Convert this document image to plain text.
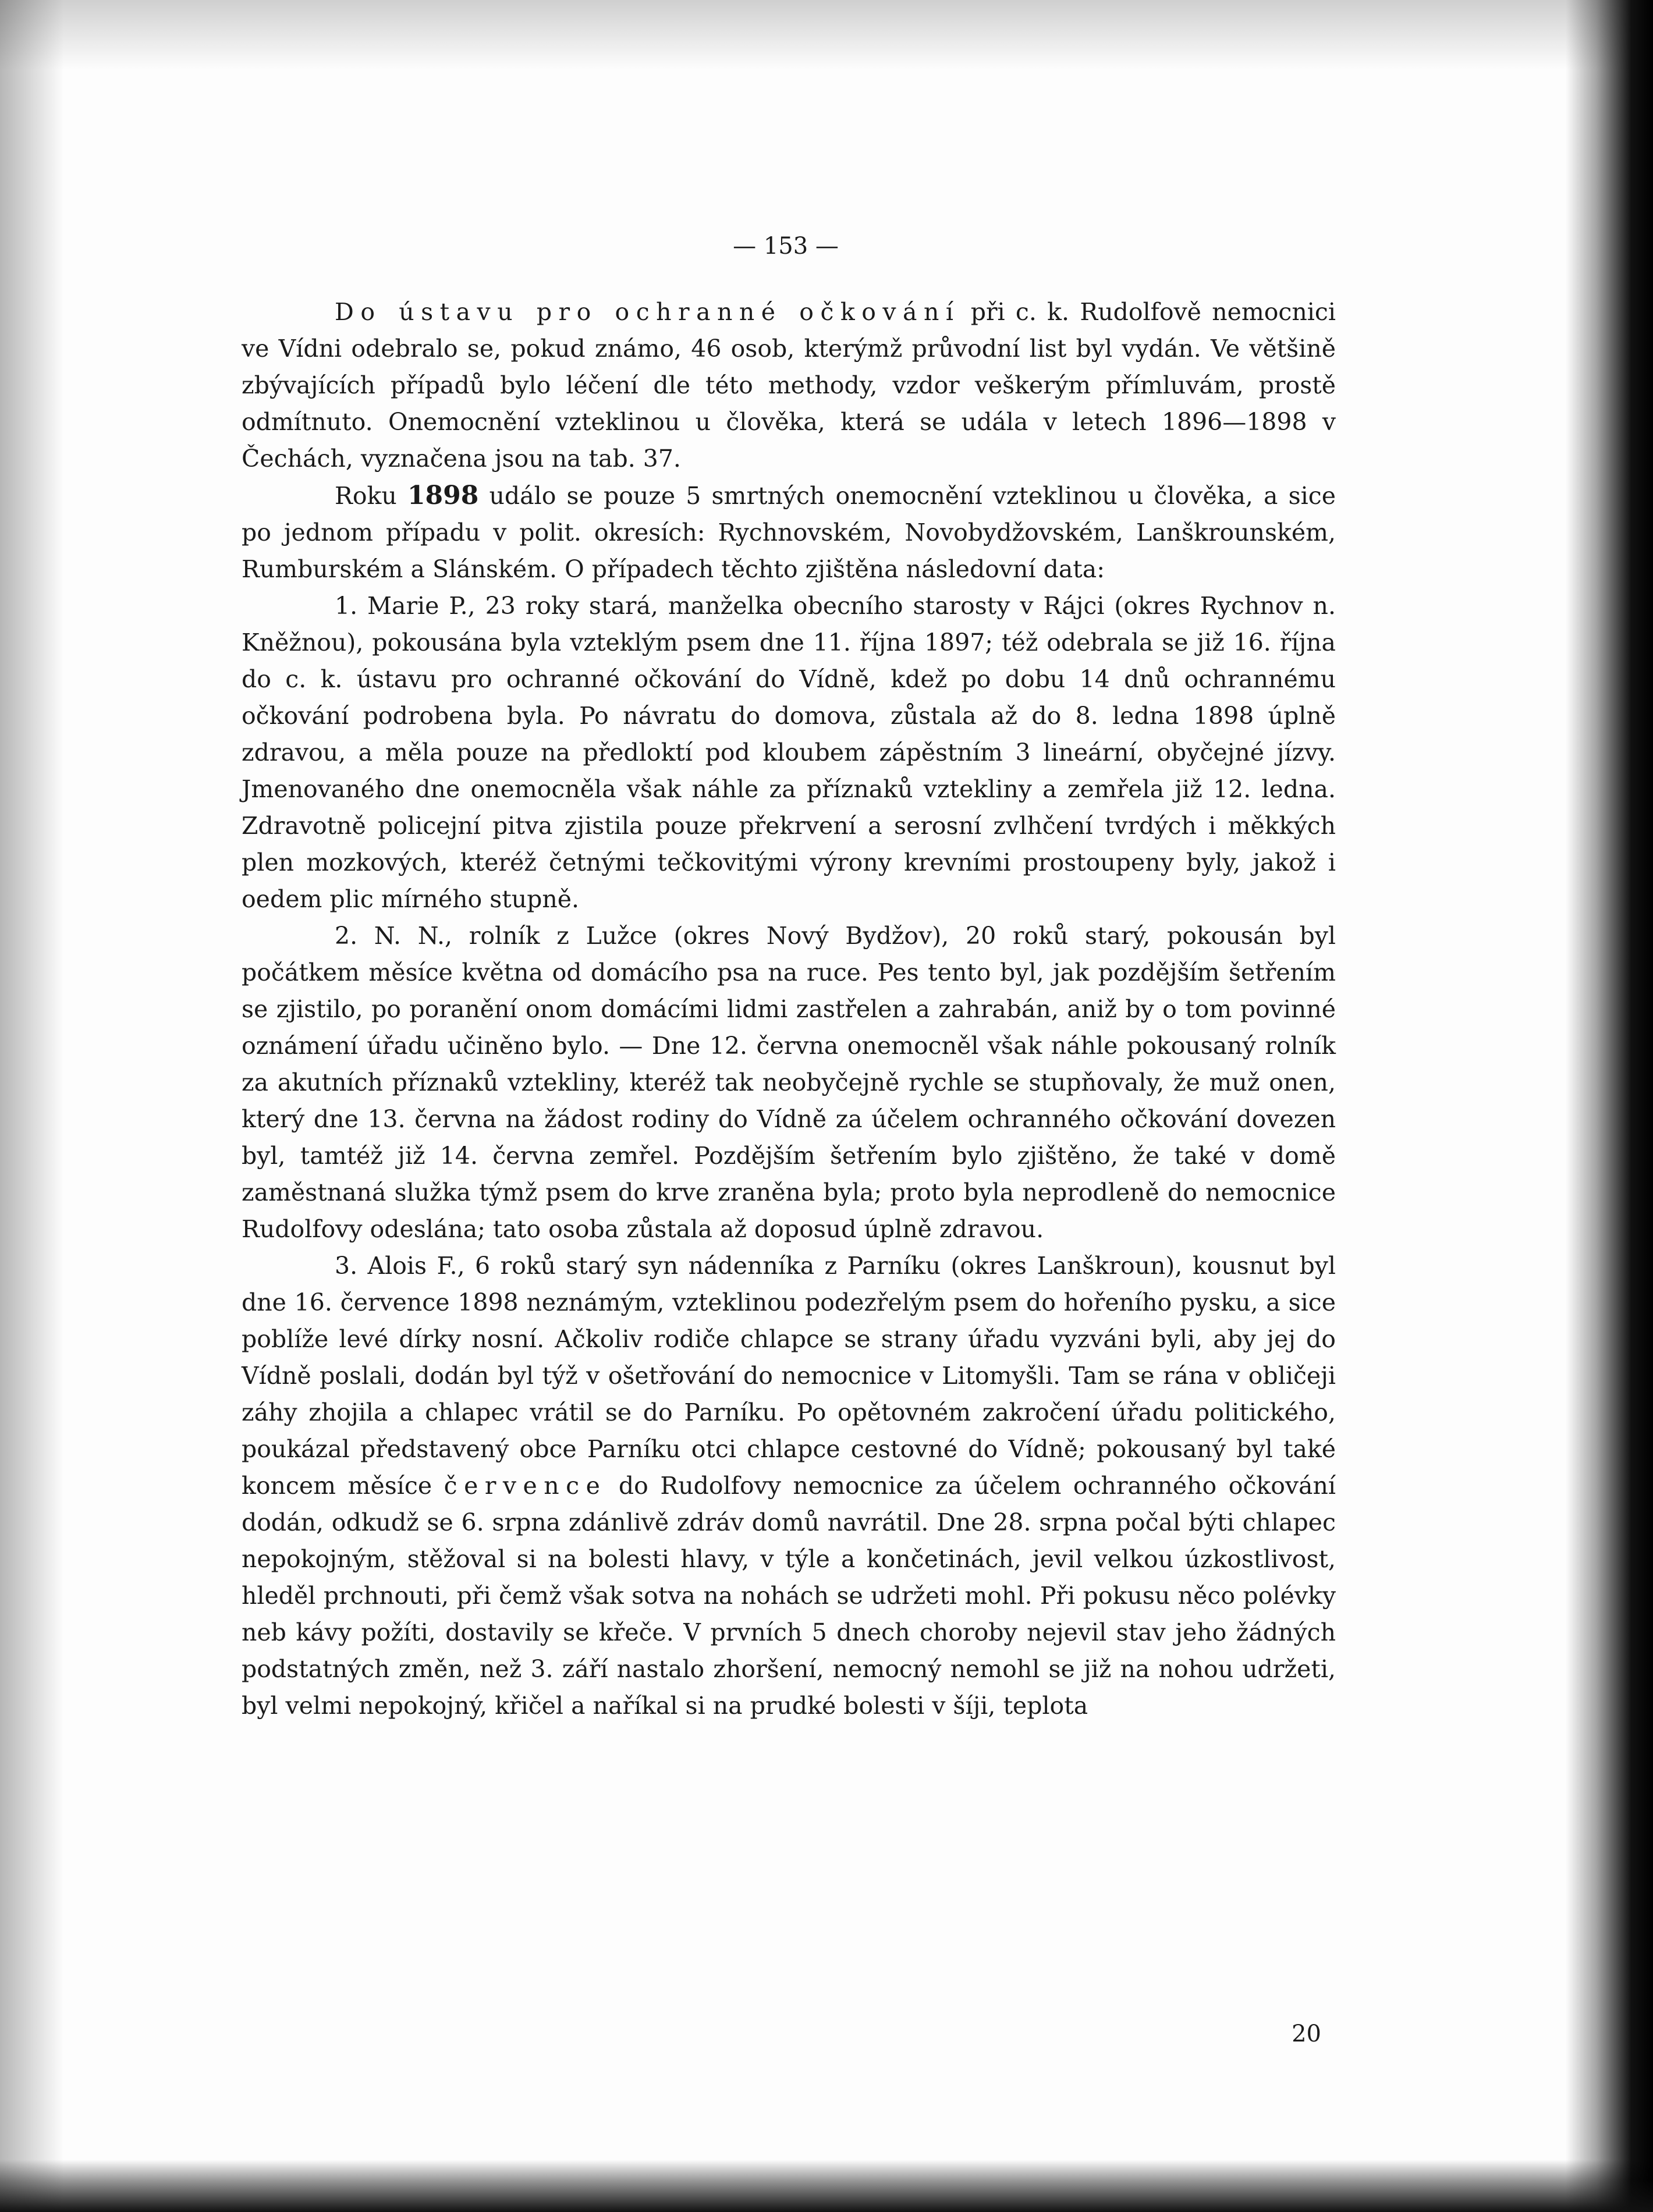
— 153 —

Do ústavu pro ochranné očkování při c. k. Rudolfově nemocnici ve Vídni odebralo se, pokud známo, 46 osob, kterýmž průvodní list byl vydán. Ve většině zbývajících případů bylo léčení dle této methody, vzdor veškerým přímluvám, prostě odmítnuto. Onemocnění vzteklinou u člověka, která se udála v letech 1896—1898 v Čechách, vyznačena jsou na tab. 37.

Roku 1898 událo se pouze 5 smrtných onemocnění vzteklinou u člověka, a sice po jednom případu v polit. okresích: Rychnovském, Novobydžovském, Lanškrounském, Rumburském a Slánském. O případech těchto zjištěna následovní data:

1. Marie P., 23 roky stará, manželka obecního starosty v Rájci (okres Rychnov n. Kněžnou), pokousána byla vzteklým psem dne 11. října 1897; též odebrala se již 16. října do c. k. ústavu pro ochranné očkování do Vídně, kdež po dobu 14 dnů ochrannému očkování podrobena byla. Po návratu do domova, zůstala až do 8. ledna 1898 úplně zdravou, a měla pouze na předloktí pod kloubem zápěstním 3 lineární, obyčejné jízvy. Jmenovaného dne onemocněla však náhle za příznaků vztekliny a zemřela již 12. ledna. Zdravotně policejní pitva zjistila pouze překrvení a serosní zvlhčení tvrdých i měkkých plen mozkových, kteréž četnými tečkovitými výrony krevními prostoupeny byly, jakož i oedem plic mírného stupně.

2. N. N., rolník z Lužce (okres Nový Bydžov), 20 roků starý, pokousán byl počátkem měsíce května od domácího psa na ruce. Pes tento byl, jak pozdějším šetřením se zjistilo, po poranění onom domácími lidmi zastřelen a zahrabán, aniž by o tom povinné oznámení úřadu učiněno bylo. — Dne 12. června onemocněl však náhle pokousaný rolník za akutních příznaků vztekliny, kteréž tak neobyčejně rychle se stupňovaly, že muž onen, který dne 13. června na žádost rodiny do Vídně za účelem ochranného očkování dovezen byl, tamtéž již 14. června zemřel. Pozdějším šetřením bylo zjištěno, že také v domě zaměstnaná služka týmž psem do krve zraněna byla; proto byla neprodleně do nemocnice Rudolfovy odeslána; tato osoba zůstala až doposud úplně zdravou.

3. Alois F., 6 roků starý syn nádenníka z Parníku (okres Lanškroun), kousnut byl dne 16. července 1898 neznámým, vzteklinou podezřelým psem do hořeního pysku, a sice poblíže levé dírky nosní. Ačkoliv rodiče chlapce se strany úřadu vyzváni byli, aby jej do Vídně poslali, dodán byl týž v ošetřování do nemocnice v Litomyšli. Tam se rána v obličeji záhy zhojila a chlapec vrátil se do Parníku. Po opětovném zakročení úřadu politického, poukázal představený obce Parníku otci chlapce cestovné do Vídně; pokousaný byl také koncem měsíce července do Rudolfovy nemocnice za účelem ochranného očkování dodán, odkudž se 6. srpna zdánlivě zdráv domů navrátil. Dne 28. srpna počal býti chlapec nepokojným, stěžoval si na bolesti hlavy, v týle a končetinách, jevil velkou úzkostlivost, hleděl prchnouti, při čemž však sotva na nohách se udržeti mohl. Při pokusu něco polévky neb kávy požíti, dostavily se křeče. V prvních 5 dnech choroby nejevil stav jeho žádných podstatných změn, než 3. září nastalo zhoršení, nemocný nemohl se již na nohou udržeti, byl velmi nepokojný, křičel a naříkal si na prudké bolesti v šíji, teplota

20
